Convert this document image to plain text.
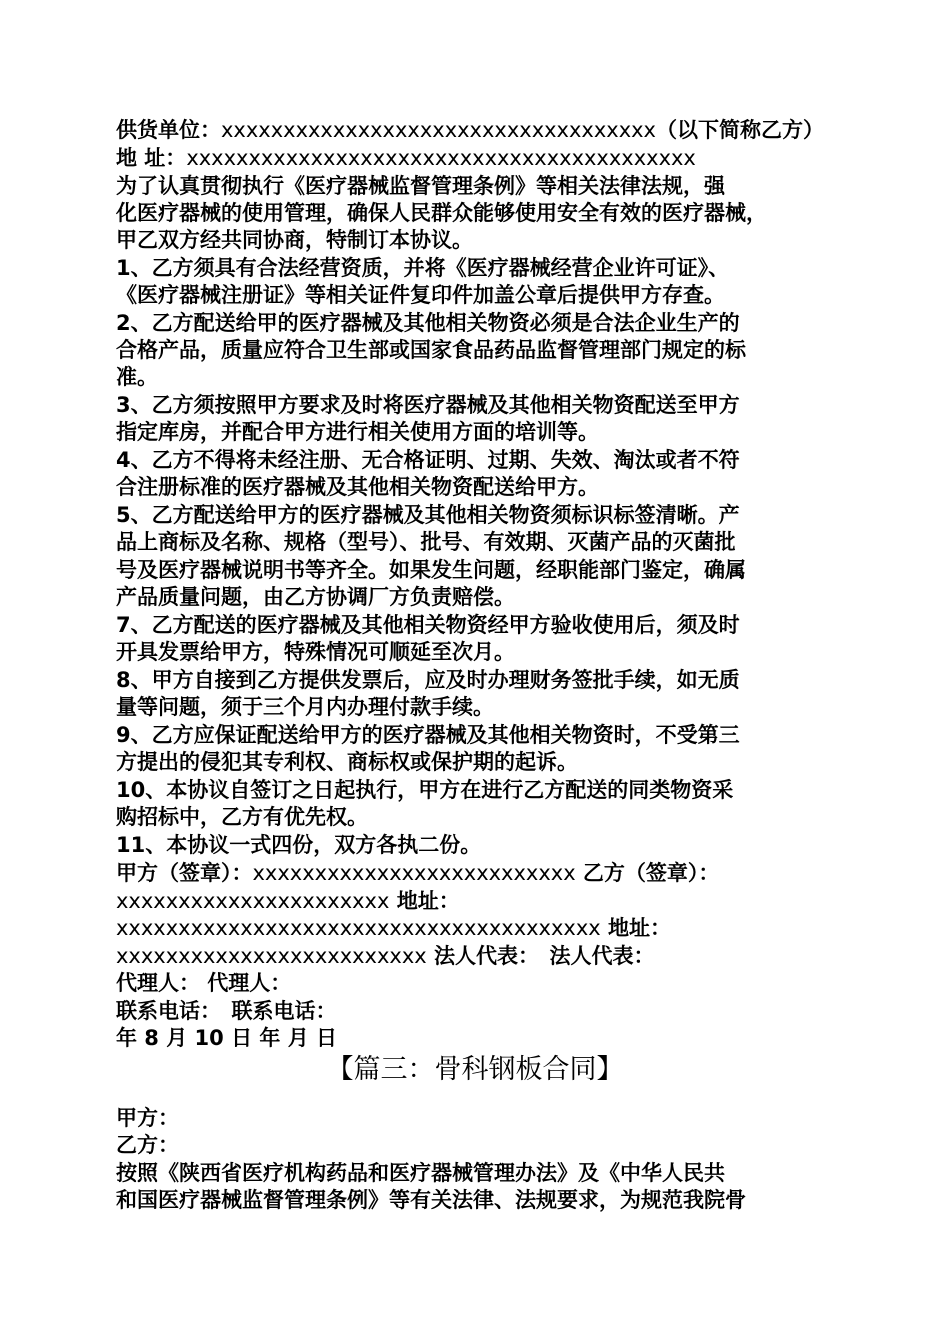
供货单位：xxxxxxxxxxxxxxxxxxxxxxxxxxxxxxxxxxx（以下简称乙方）
地 址：xxxxxxxxxxxxxxxxxxxxxxxxxxxxxxxxxxxxxxxxx
为了认真贯彻执行《医疗器械监督管理条例》等相关法律法规，强
化医疗器械的使用管理，确保人民群众能够使用安全有效的医疗器械，
甲乙双方经共同协商，特制订本协议。
1、乙方须具有合法经营资质，并将《医疗器械经营企业许可证》、
《医疗器械注册证》等相关证件复印件加盖公章后提供甲方存查。
2、乙方配送给甲的医疗器械及其他相关物资必须是合法企业生产的
合格产品，质量应符合卫生部或国家食品药品监督管理部门规定的标
准。
3、乙方须按照甲方要求及时将医疗器械及其他相关物资配送至甲方
指定库房，并配合甲方进行相关使用方面的培训等。
4、乙方不得将未经注册、无合格证明、过期、失效、淘汰或者不符
合注册标准的医疗器械及其他相关物资配送给甲方。
5、乙方配送给甲方的医疗器械及其他相关物资须标识标签清晰。产
品上商标及名称、规格（型号）、批号、有效期、灭菌产品的灭菌批
号及医疗器械说明书等齐全。如果发生问题，经职能部门鉴定，确属
产品质量问题，由乙方协调厂方负责赔偿。
7、乙方配送的医疗器械及其他相关物资经甲方验收使用后，须及时
开具发票给甲方，特殊情况可顺延至次月。
8、甲方自接到乙方提供发票后，应及时办理财务签批手续，如无质
量等问题，须于三个月内办理付款手续。
9、乙方应保证配送给甲方的医疗器械及其他相关物资时，不受第三
方提出的侵犯其专利权、商标权或保护期的起诉。
10、本协议自签订之日起执行，甲方在进行乙方配送的同类物资采
购招标中，乙方有优先权。
11、本协议一式四份，双方各执二份。
甲方（签章）：xxxxxxxxxxxxxxxxxxxxxxxxxx 乙方（签章）：
xxxxxxxxxxxxxxxxxxxxxx 地址：
xxxxxxxxxxxxxxxxxxxxxxxxxxxxxxxxxxxxxxx 地址：
xxxxxxxxxxxxxxxxxxxxxxxxx 法人代表：　法人代表：
代理人： 代理人：
联系电话：　联系电话：
年 8 月 10 日 年 月 日
【篇三：骨科钢板合同】
甲方：
乙方：
按照《陕西省医疗机构药品和医疗器械管理办法》及《中华人民共
和国医疗器械监督管理条例》等有关法律、法规要求，为规范我院骨
